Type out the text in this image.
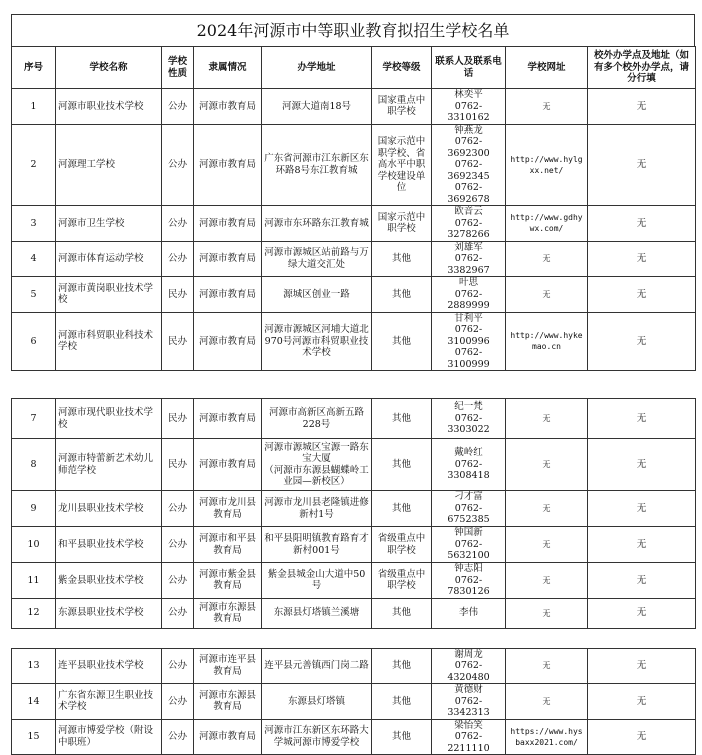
2024年河源市中等职业教育拟招生学校名单
序号	学校名称	学校性质	隶属情况	办学地址	学校等级	联系人及联系电话	学校网址	校外办学点及地址（如有多个校外办学点，请分行填
1	河源市职业技术学校	公办	河源市教育局	河源大道南18号	国家重点中职学校	林奕平
0762-3310162	无	无
2	河源理工学校	公办	河源市教育局	广东省河源市江东新区东环路8号东江教育城	国家示范中职学校、省高水平中职学校建设单位	钟燕龙
0762-3692300
0762-3692345
0762-3692678	http://www.hylgxx.net/	无
3	河源市卫生学校	公办	河源市教育局	河源市东环路东江教育城	国家示范中职学校	欧音云
0762-3278266	http://www.gdhywx.com/	无
4	河源市体育运动学校	公办	河源市教育局	河源市源城区站前路与万绿大道交汇处	其他	刘雄军
0762-3382967	无	无
5	河源市黄岗职业技术学校	民办	河源市教育局	源城区创业一路	其他	叶思
0762-2889999	无	无
6	河源市科贸职业科技术学校	民办	河源市教育局	河源市源城区河埔大道北970号河源市科贸职业技术学校	其他	甘利平
0762-3100996
0762-3100999	http://www.hykemao.cn	无

7	河源市现代职业技术学校	民办	河源市教育局	河源市高新区高新五路228号	其他	纪一梵
0762-3303022	无	无
8	河源市特蕾新艺术幼儿师范学校	民办	河源市教育局	河源市源城区宝源一路东宝大厦
（河源市东源县蝴蝶岭工业园—新校区）	其他	戴岭红
0762-3308418	无	无
9	龙川县职业技术学校	公办	河源市龙川县教育局	河源市龙川县老隆镇进修新村1号	其他	刁才富
0762-6752385	无	无
10	和平县职业技术学校	公办	河源市和平县教育局	和平县阳明镇教育路育才新村001号	省级重点中职学校	钟国新
0762-5632100	无	无
11	紫金县职业技术学校	公办	河源市紫金县教育局	紫金县城金山大道中50号	省级重点中职学校	钟志阳
0762-7830126	无	无
12	东源县职业技术学校	公办	河源市东源县教育局	东源县灯塔镇兰溪塘	其他	李伟	无	无

13	连平县职业技术学校	公办	河源市连平县教育局	连平县元善镇西门岗二路	其他	谢周龙
0762-4320480	无	无
14	广东省东源卫生职业技术学校	公办	河源市东源县教育局	东源县灯塔镇	其他	黄德财
0762-3342313	无	无
15	河源市博爱学校（附设中职班）	公办	河源市教育局	河源市江东新区东环路大学城河源市博爱学校	其他	梁怡笑
0762-2211110	https://www.hysbaxx2021.com/	无
